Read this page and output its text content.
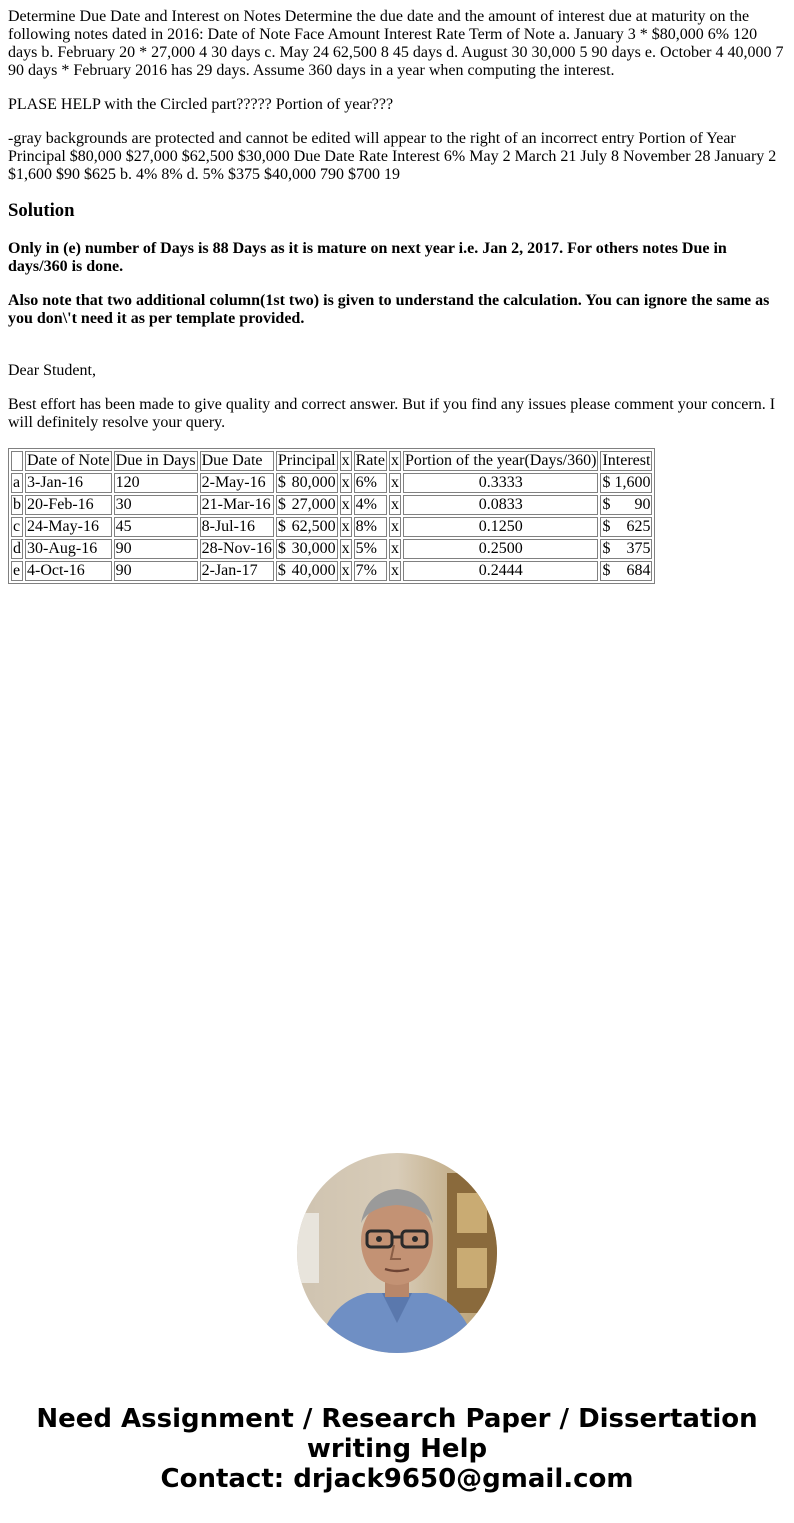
Determine Due Date and Interest on Notes Determine the due date and the amount of interest due at maturity on the following notes dated in 2016: Date of Note Face Amount Interest Rate Term of Note a. January 3 * $80,000 6% 120 days b. February 20 * 27,000 4 30 days c. May 24 62,500 8 45 days d. August 30 30,000 5 90 days e. October 4 40,000 7 90 days * February 2016 has 29 days. Assume 360 days in a year when computing the interest.

PLASE HELP with the Circled part????? Portion of year???

-gray backgrounds are protected and cannot be edited will appear to the right of an incorrect entry Portion of Year Principal $80,000 $27,000 $62,500 $30,000 Due Date Rate Interest 6% May 2 March 21 July 8 November 28 January 2 $1,600 $90 $625 b. 4% 8% d. 5% $375 $40,000 790 $700 19

Solution

Only in (e) number of Days is 88 Days as it is mature on next year i.e. Jan 2, 2017. For others notes Due in days/360 is done.

Also note that two additional column(1st two) is given to understand the calculation. You can ignore the same as you don\'t need it as per template provided.

Dear Student,

Best effort has been made to give quality and correct answer. But if you find any issues please comment your concern. I will definitely resolve your query.

	Date of Note	Due in Days	Due Date	Principal	x	Rate	x	Portion of the year(Days/360)	Interest
a	3-Jan-16	120	2-May-16	$ 80,000	x	6%	x	0.3333	$ 1,600

b	20-Feb-16	30	21-Mar-16	$ 27,000	x	4%	x	0.0833	$ 90

c	24-May-16	45	8-Jul-16	$ 62,500	x	8%	x	0.1250	$ 625

d	30-Aug-16	90	28-Nov-16	$ 30,000	x	5%	x	0.2500	$ 375

e	4-Oct-16	90	2-Jan-17	$ 40,000	x	7%	x	0.2444	$ 684
Need Assignment / Research Paper / Dissertation
writing Help
Contact: drjack9650@gmail.com
